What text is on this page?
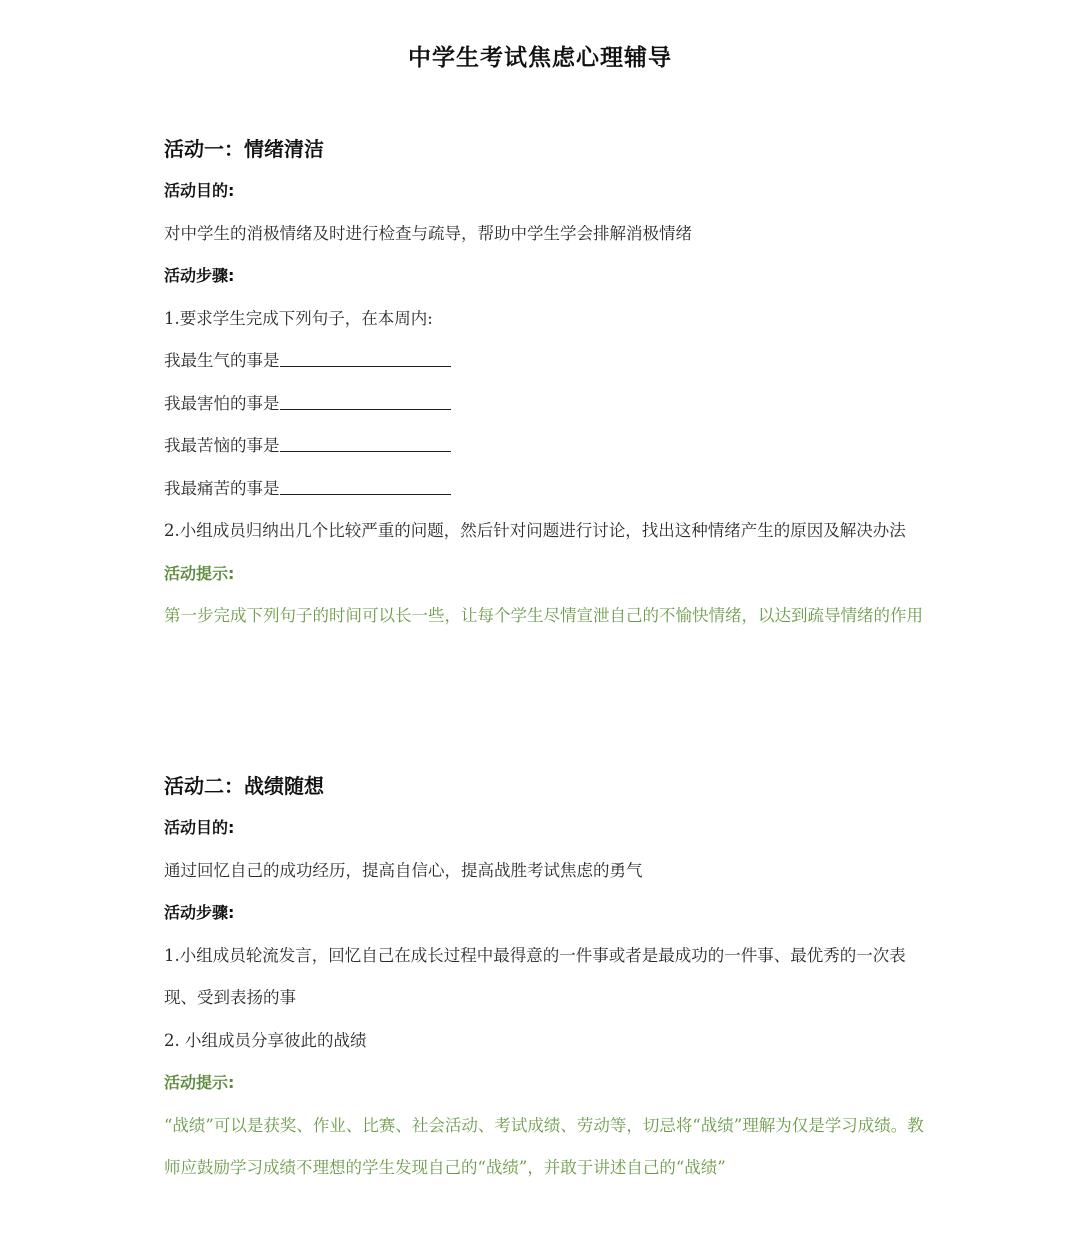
中学生考试焦虑心理辅导
活动一：情绪清洁
活动目的:
对中学生的消极情绪及时进行检查与疏导，帮助中学生学会排解消极情绪
活动步骤:
1.要求学生完成下列句子，在本周内:
我最生气的事是
我最害怕的事是
我最苦恼的事是
我最痛苦的事是
2.小组成员归纳出几个比较严重的问题，然后针对问题进行讨论，找出这种情绪产生的原因及解决办法
活动提示:
第一步完成下列句子的时间可以长一些，让每个学生尽情宣泄自己的不愉快情绪，以达到疏导情绪的作用
活动二：战绩随想
活动目的:
通过回忆自己的成功经历，提高自信心，提高战胜考试焦虑的勇气
活动步骤:
1.小组成员轮流发言，回忆自己在成长过程中最得意的一件事或者是最成功的一件事、最优秀的一次表现、受到表扬的事
2. 小组成员分享彼此的战绩
活动提示:
“战绩”可以是获奖、作业、比赛、社会活动、考试成绩、劳动等，切忌将“战绩”理解为仅是学习成绩。教师应鼓励学习成绩不理想的学生发现自己的“战绩”，并敢于讲述自己的“战绩”
